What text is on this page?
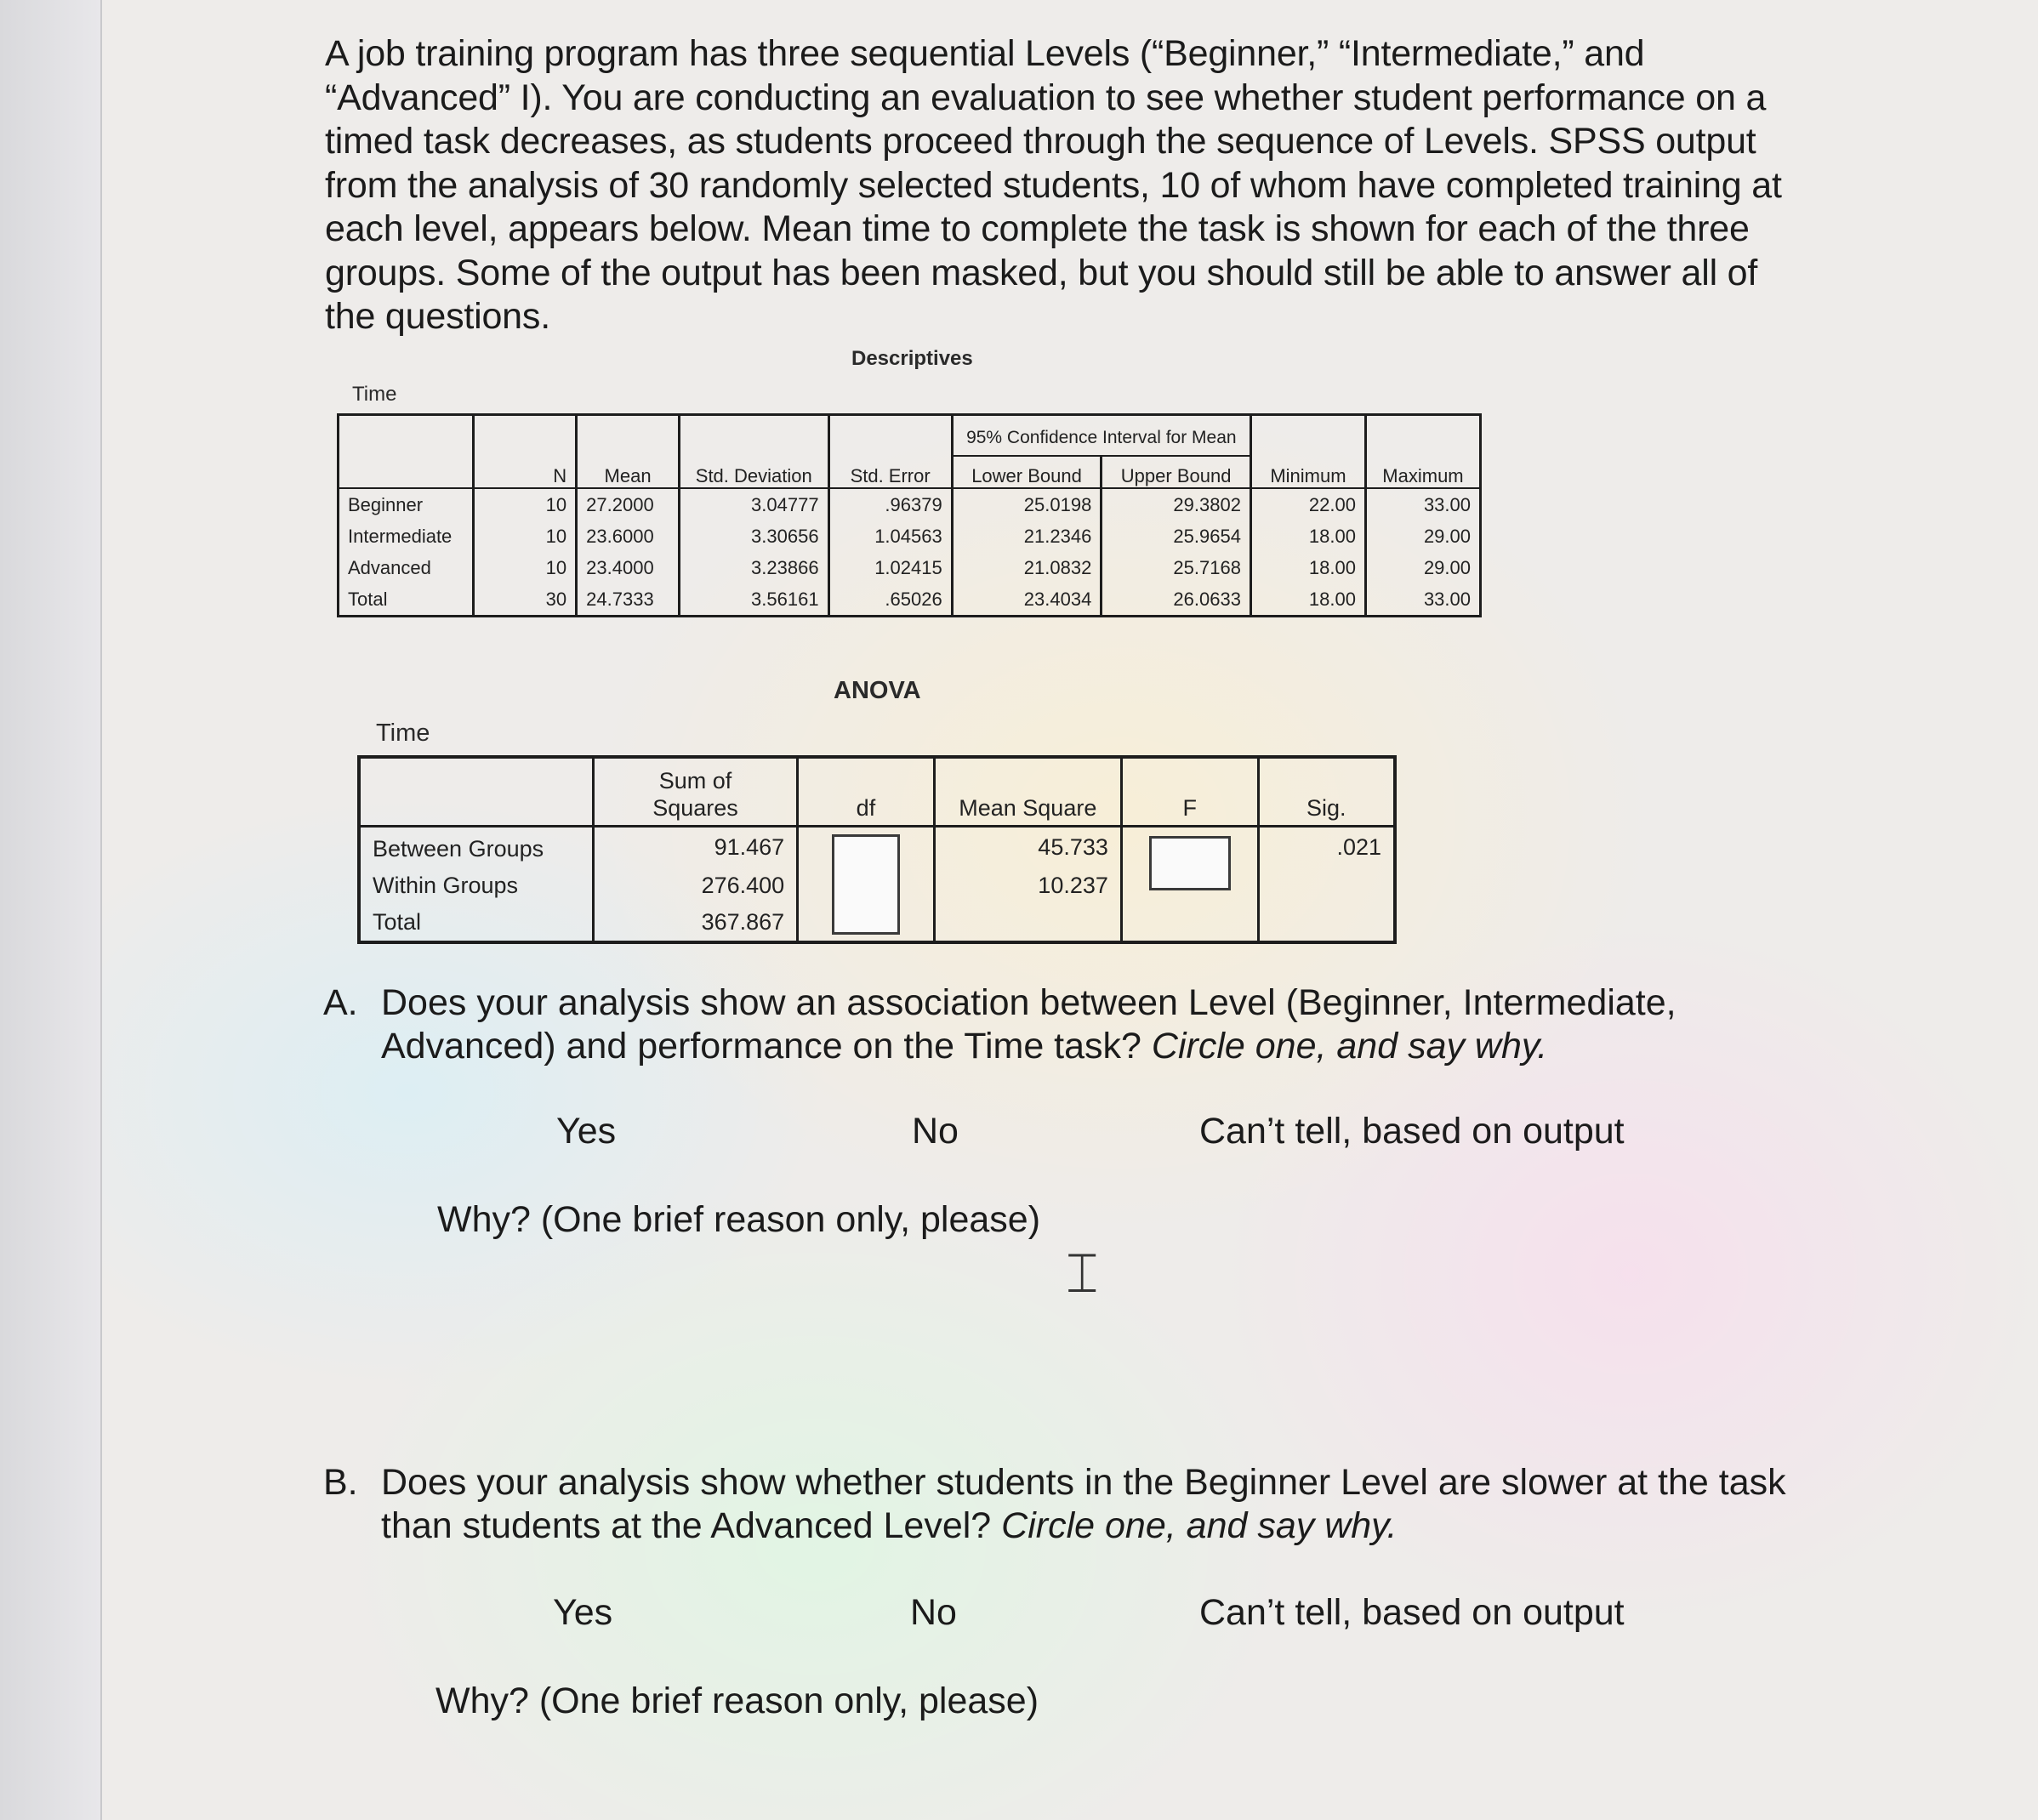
A job training program has three sequential Levels (“Beginner,” “Intermediate,” and “Advanced” I). You are conducting an evaluation to see whether student performance on a timed task decreases, as students proceed through the sequence of Levels. SPSS output from the analysis of 30 randomly selected students, 10 of whom have completed training at each level, appears below. Mean time to complete the task is shown for each of the three groups. Some of the output has been masked, but you should still be able to answer all of the questions.
Descriptives
Time
	N	Mean	Std. Deviation	Std. Error	95% Confidence Interval for Mean		Minimum	Maximum
					Lower Bound	Upper Bound		
Beginner	10	27.2000	3.04777	.96379	25.0198	29.3802	22.00	33.00
Intermediate	10	23.6000	3.30656	1.04563	21.2346	25.9654	18.00	29.00
Advanced	10	23.4000	3.23866	1.02415	21.0832	25.7168	18.00	29.00
Total	30	24.7333	3.56161	.65026	23.4034	26.0633	18.00	33.00
ANOVA
Time
	Sum of Squares	df	Mean Square	F	Sig.
Between Groups	91.467		45.733		.021
Within Groups	276.400		10.237		
Total	367.867				
A. Does your analysis show an association between Level (Beginner, Intermediate, Advanced) and performance on the Time task? Circle one, and say why.
Yes	No	Can’t tell, based on output
Why? (One brief reason only, please)
⌶
B. Does your analysis show whether students in the Beginner Level are slower at the task than students at the Advanced Level? Circle one, and say why.
Yes	No	Can’t tell, based on output
Why? (One brief reason only, please)
